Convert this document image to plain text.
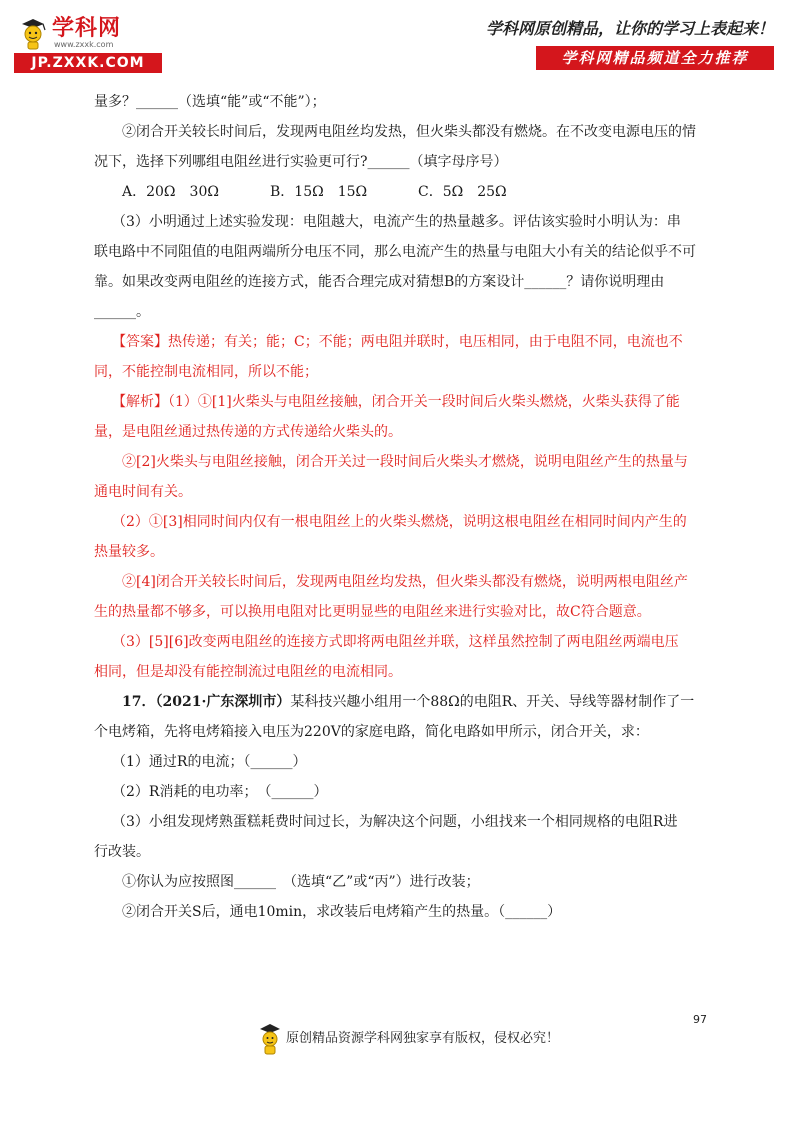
学科网
www.zxxk.com
JP.ZXXK.COM
学科网原创精品，让你的学习上表起来！
学科网精品频道全力推荐

量多？______（选填“能”或“不能”）；

②闭合开关较长时间后，发现两电阻丝均发热，但火柴头都没有燃烧。在不改变电源电压的情

况下，选择下列哪组电阻丝进行实验更可行?______（填字母序号）

A．20Ω　30Ω	B．15Ω　15Ω	C．5Ω　25Ω

（3）小明通过上述实验发现：电阻越大，电流产生的热量越多。评估该实验时小明认为：串

联电路中不同阻值的电阻两端所分电压不同，那么电流产生的热量与电阻大小有关的结论似乎不可

靠。如果改变两电阻丝的连接方式，能否合理完成对猜想B的方案设计______？请你说明理由

______。

【答案】热传递；有关；能；C；不能；两电阻并联时，电压相同，由于电阻不同，电流也不

同，不能控制电流相同，所以不能；

【解析】（1）①[1]火柴头与电阻丝接触，闭合开关一段时间后火柴头燃烧，火柴头获得了能

量，是电阻丝通过热传递的方式传递给火柴头的。

②[2]火柴头与电阻丝接触，闭合开关过一段时间后火柴头才燃烧，说明电阻丝产生的热量与

通电时间有关。

（2）①[3]相同时间内仅有一根电阻丝上的火柴头燃烧，说明这根电阻丝在相同时间内产生的

热量较多。

②[4]闭合开关较长时间后，发现两电阻丝均发热，但火柴头都没有燃烧，说明两根电阻丝产

生的热量都不够多，可以换用电阻对比更明显些的电阻丝来进行实验对比，故C符合题意。

（3）[5][6]改变两电阻丝的连接方式即将两电阻丝并联，这样虽然控制了两电阻丝两端电压

相同，但是却没有能控制流过电阻丝的电流相同。

17．（2021·广东深圳市）某科技兴趣小组用一个88Ω的电阻R、开关、导线等器材制作了一

个电烤箱，先将电烤箱接入电压为220V的家庭电路，简化电路如甲所示，闭合开关，求：

（1）通过R的电流；（______）

（2）R消耗的电功率；　（______）

（3）小组发现烤熟蛋糕耗费时间过长，为解决这个问题，小组找来一个相同规格的电阻R进

行改装。

①你认为应按照图______　（选填“乙”或“丙”）进行改装；

②闭合开关S后，通电10min，求改装后电烤箱产生的热量。（______）

97
原创精品资源学科网独家享有版权，侵权必究！
